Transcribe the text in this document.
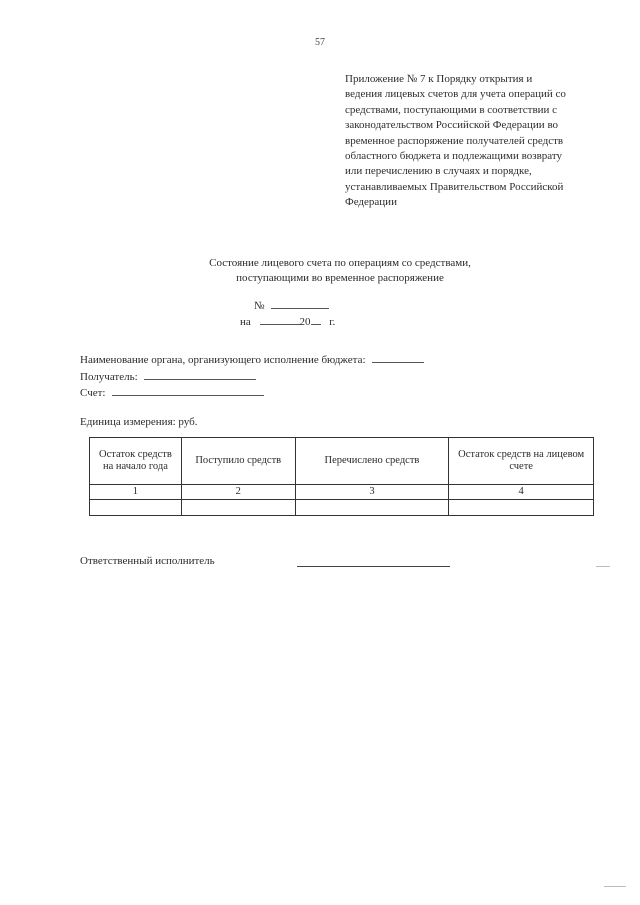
57
Приложение № 7 к Порядку открытия и
ведения лицевых счетов для учета операций со
средствами, поступающими в соответствии с
законодательством Российской Федерации во
временное распоряжение получателей средств
областного бюджета и подлежащими возврату
или перечислению в случаях и порядке,
устанавливаемых Правительством Российской
Федерации
Состояние лицевого счета по операциям со средствами,
поступающими во временное распоряжение
№
на	20 г.
Наименование органа, организующего исполнение бюджета:
Получатель:
Счет:
Единица измерения: руб.
Остаток средств на начало года	Поступило средств	Перечислено средств	Остаток средств на лицевом счете
1	2	3	4

Ответственный исполнитель
